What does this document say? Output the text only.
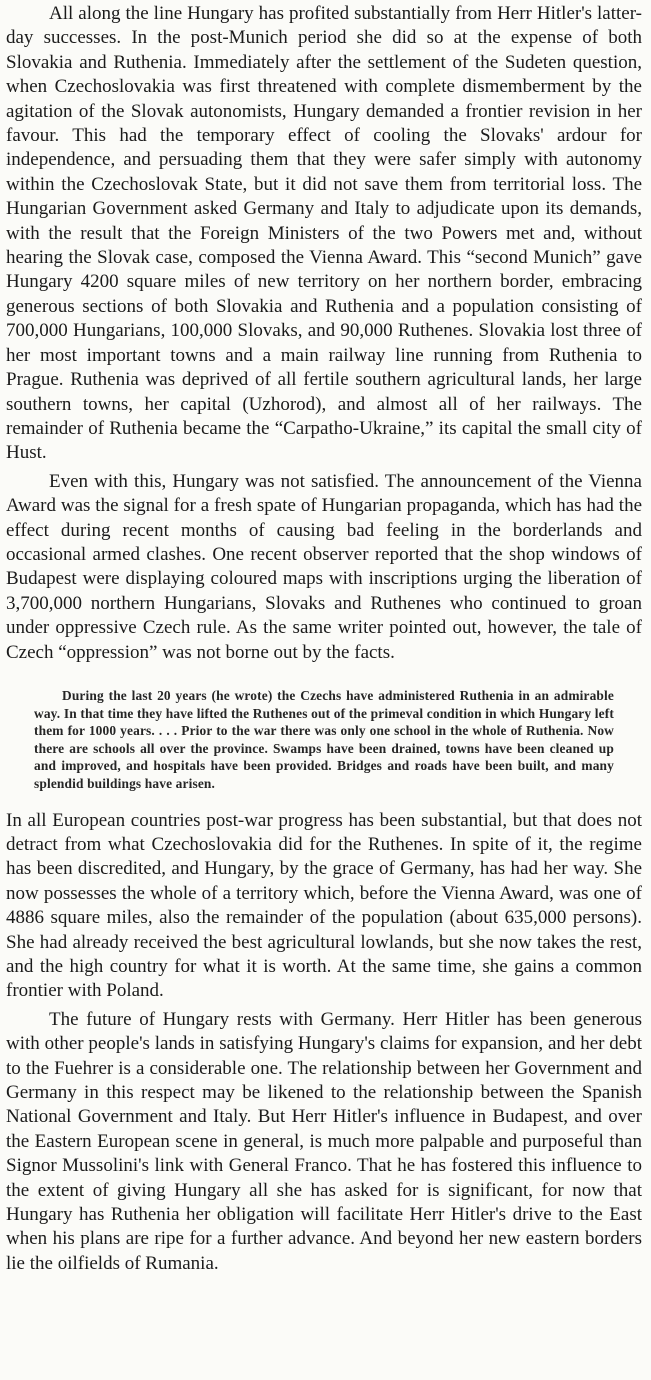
All along the line Hungary has profited substantially from Herr Hitler's latter-day successes. In the post-Munich period she did so at the expense of both Slovakia and Ruthenia. Immediately after the settlement of the Sudeten question, when Czechoslovakia was first threatened with complete dismemberment by the agitation of the Slovak autonomists, Hungary demanded a frontier revision in her favour. This had the temporary effect of cooling the Slovaks' ardour for independence, and persuading them that they were safer simply with autonomy within the Czechoslovak State, but it did not save them from territorial loss. The Hungarian Government asked Germany and Italy to adjudicate upon its demands, with the result that the Foreign Ministers of the two Powers met and, without hearing the Slovak case, composed the Vienna Award. This “second Munich” gave Hungary 4200 square miles of new territory on her northern border, embracing generous sections of both Slovakia and Ruthenia and a population consisting of 700,000 Hungarians, 100,000 Slovaks, and 90,000 Ruthenes. Slovakia lost three of her most important towns and a main railway line running from Ruthenia to Prague. Ruthenia was deprived of all fertile southern agricultural lands, her large southern towns, her capital (Uzhorod), and almost all of her railways. The remainder of Ruthenia became the “Carpatho-Ukraine,” its capital the small city of Hust.

Even with this, Hungary was not satisfied. The announcement of the Vienna Award was the signal for a fresh spate of Hungarian propaganda, which has had the effect during recent months of causing bad feeling in the borderlands and occasional armed clashes. One recent observer reported that the shop windows of Budapest were displaying coloured maps with inscriptions urging the liberation of 3,700,000 northern Hungarians, Slovaks and Ruthenes who continued to groan under oppressive Czech rule. As the same writer pointed out, however, the tale of Czech “oppression” was not borne out by the facts.

During the last 20 years (he wrote) the Czechs have administered Ruthenia in an admirable way. In that time they have lifted the Ruthenes out of the primeval condition in which Hungary left them for 1000 years. . . . Prior to the war there was only one school in the whole of Ruthenia. Now there are schools all over the province. Swamps have been drained, towns have been cleaned up and improved, and hospitals have been provided. Bridges and roads have been built, and many splendid buildings have arisen.

In all European countries post-war progress has been substantial, but that does not detract from what Czechoslovakia did for the Ruthenes. In spite of it, the regime has been discredited, and Hungary, by the grace of Germany, has had her way. She now possesses the whole of a territory which, before the Vienna Award, was one of 4886 square miles, also the remainder of the population (about 635,000 persons). She had already received the best agricultural lowlands, but she now takes the rest, and the high country for what it is worth. At the same time, she gains a common frontier with Poland.

The future of Hungary rests with Germany. Herr Hitler has been generous with other people's lands in satisfying Hungary's claims for expansion, and her debt to the Fuehrer is a considerable one. The relationship between her Government and Germany in this respect may be likened to the relationship between the Spanish National Government and Italy. But Herr Hitler's influence in Budapest, and over the Eastern European scene in general, is much more palpable and purposeful than Signor Mussolini's link with General Franco. That he has fostered this influence to the extent of giving Hungary all she has asked for is significant, for now that Hungary has Ruthenia her obligation will facilitate Herr Hitler's drive to the East when his plans are ripe for a further advance. And beyond her new eastern borders lie the oilfields of Rumania.
